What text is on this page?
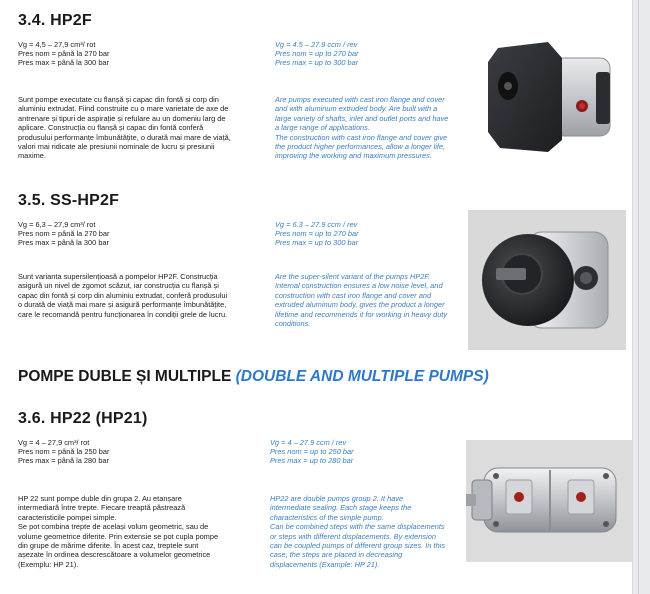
3.4. HP2F
Vg = 4,5 – 27,9 cm³/ rot
Pres nom = până la 270 bar
Pres max = până la 300 bar
Vg = 4.5 – 27.9 ccm / rev
Pres nom = up to 270 bar
Pres max = up to 300 bar
Sunt pompe executate cu flanșă și capac din fontă și corp din
aluminiu extrudat. Fiind construite cu o mare varietate de axe de
antrenare și tipuri de aspirație și refulare au un domeniu larg de
aplicare. Construcția cu flanșă și capac din fontă conferă
produsului performanțe îmbunătățite, o durată mai mare de viață,
valori mai ridicate ale presiunii nominale de lucru și presiunii
maxime.
Are pumps executed with cast iron flange and cover
and with aluminum extruded body. Are built with a
large variety of shafts, inlet and outlet ports and have
a large range of applications.
The construction with cast iron flange and cover give
the product higher performances, allow a longer life,
improving the working and maximum pressures.
3.5. SS-HP2F
Vg = 6,3 – 27,9 cm³/ rot
Pres nom = până la 270 bar
Pres max = până la 300 bar
Vg = 6.3 – 27.9 ccm / rev
Pres nom = up to 270 bar
Pres max = up to 300 bar
Sunt varianta supersilențioasă a pompelor HP2F. Construcția
asigură un nivel de zgomot scăzut, iar construcția cu flanșă și
capac din fontă și corp din aluminiu extrudat, conferă produsului
o durată de viață mai mare și asigură performanțe îmbunătățite,
care le recomandă pentru funcționarea în condiții grele de lucru.
Are the super-silent variant of the pumps HP2F.
Internal construction ensures a low noise level, and
construction with cast iron flange and cover and
extruded aluminum body, gives the product a longer
lifetime and recommends it for working in heavy duty
conditions.
POMPE DUBLE ȘI MULTIPLE (DOUBLE AND MULTIPLE PUMPS)
3.6. HP22 (HP21)
Vg = 4 – 27,9 cm³/ rot
Pres nom = până la 250 bar
Pres max = până la 280 bar
Vg = 4 – 27.9 ccm / rev
Pres nom = up to 250 bar
Pres max = up to 280 bar
HP 22 sunt pompe duble din grupa 2. Au etanșare
intermediară între trepte. Fiecare treaptă păstrează
caracteristicile pompei simple.
Se pot combina trepte de același volum geometric, sau de
volume geometrice diferite. Prin extensie se pot cupla pompe
din grupe de mărime diferite. În acest caz, treptele sunt
așezate în ordinea descrescătoare a volumelor geometrice
(Exemplu: HP 21).
HP22 are double pumps group 2. It have
intermediate sealing. Each stage keeps the
characteristics of the simple pump.
Can be combined steps with the same displacements
or steps with different displacements. By extension
can be coupled pumps of different group sizes. In this
case, the steps are placed in decreasing
displacements (Example: HP 21).
